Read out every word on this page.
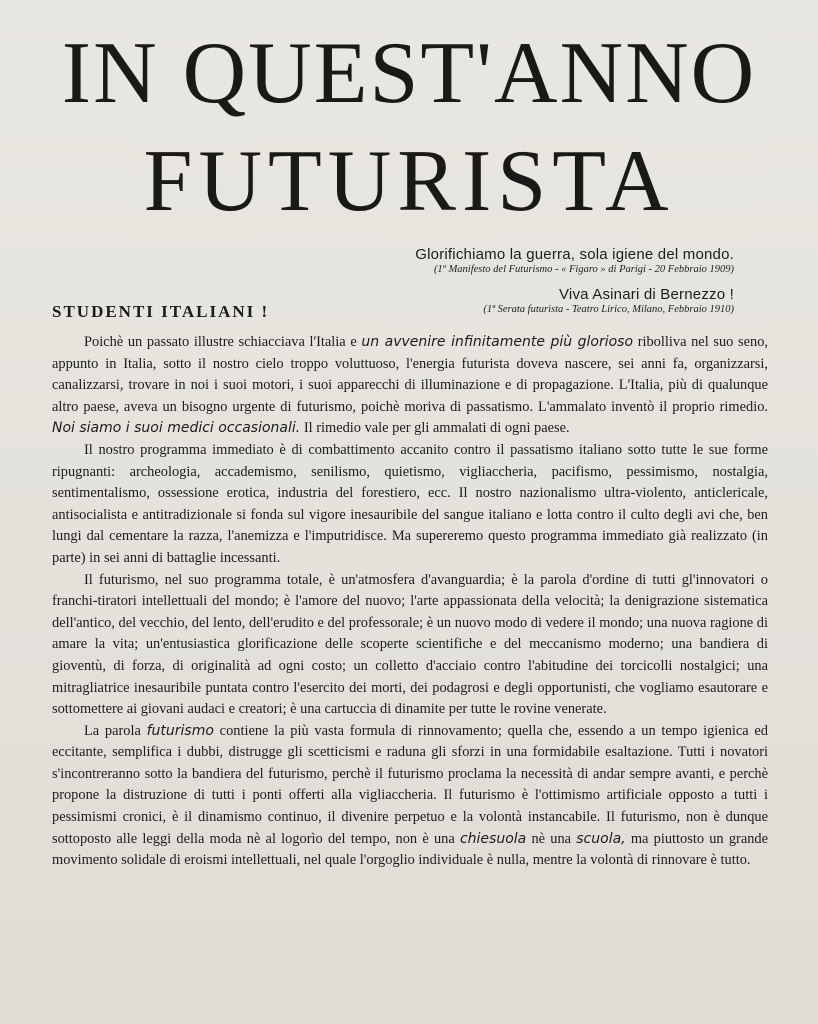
IN QUEST'ANNO
FUTURISTA
Glorifichiamo la guerra, sola igiene del mondo.
(1º Manifesto del Futurismo - « Figaro » di Parigi - 20 Febbraio 1909)
Viva Asinari di Bernezzo !
(1ª Serata futurista - Teatro Lirico, Milano, Febbraio 1910)
STUDENTI ITALIANI !

Poichè un passato illustre schiacciava l'Italia e un avvenire infinitamente più glorioso ribolliva nel suo seno, appunto in Italia, sotto il nostro cielo troppo voluttuoso, l'energia futurista doveva nascere, sei anni fa, organizzarsi, canalizzarsi, trovare in noi i suoi motori, i suoi apparecchi di illuminazione e di propagazione. L'Italia, più di qualunque altro paese, aveva un bisogno urgente di futurismo, poichè moriva di passatismo. L'ammalato inventò il proprio rimedio. Noi siamo i suoi medici occasionali. Il rimedio vale per gli ammalati di ogni paese.

Il nostro programma immediato è di combattimento accanito contro il passatismo italiano sotto tutte le sue forme ripugnanti: archeologia, accademismo, senilismo, quietismo, vigliaccheria, pacifismo, pessimismo, nostalgia, sentimentalismo, ossessione erotica, industria del forestiero, ecc. Il nostro nazionalismo ultra-violento, anticlericale, antisocialista e antitradizionale si fonda sul vigore inesauribile del sangue italiano e lotta contro il culto degli avi che, ben lungi dal cementare la razza, l'anemizza e l'imputridisce. Ma supereremo questo programma immediato già realizzato (in parte) in sei anni di battaglie incessanti.

Il futurismo, nel suo programma totale, è un'atmosfera d'avanguardia; è la parola d'ordine di tutti gl'innovatori o franchi-tiratori intellettuali del mondo; è l'amore del nuovo; l'arte appassionata della velocità; la denigrazione sistematica dell'antico, del vecchio, del lento, dell'erudito e del professorale; è un nuovo modo di vedere il mondo; una nuova ragione di amare la vita; un'entusiastica glorificazione delle scoperte scientifiche e del meccanismo moderno; una bandiera di gioventù, di forza, di originalità ad ogni costo; un colletto d'acciaio contro l'abitudine dei torcicolli nostalgici; una mitragliatrice inesauribile puntata contro l'esercito dei morti, dei podagrosi e degli opportunisti, che vogliamo esautorare e sottomettere ai giovani audaci e creatori; è una cartuccia di dinamite per tutte le rovine venerate.

La parola futurismo contiene la più vasta formula di rinnovamento; quella che, essendo a un tempo igienica ed eccitante, semplifica i dubbi, distrugge gli scetticismi e raduna gli sforzi in una formidabile esaltazione. Tutti i novatori s'incontreranno sotto la bandiera del futurismo, perchè il futurismo proclama la necessità di andar sempre avanti, e perchè propone la distruzione di tutti i ponti offerti alla vigliaccheria. Il futurismo è l'ottimismo artificiale opposto a tutti i pessimismi cronici, è il dinamismo continuo, il divenire perpetuo e la volontà instancabile. Il futurismo, non è dunque sottoposto alle leggi della moda nè al logorìo del tempo, non è una chiesuola nè una scuola, ma piuttosto un grande movimento solidale di eroismi intellettuali, nel quale l'orgoglio individuale è nulla, mentre la volontà di rinnovare è tutto.
